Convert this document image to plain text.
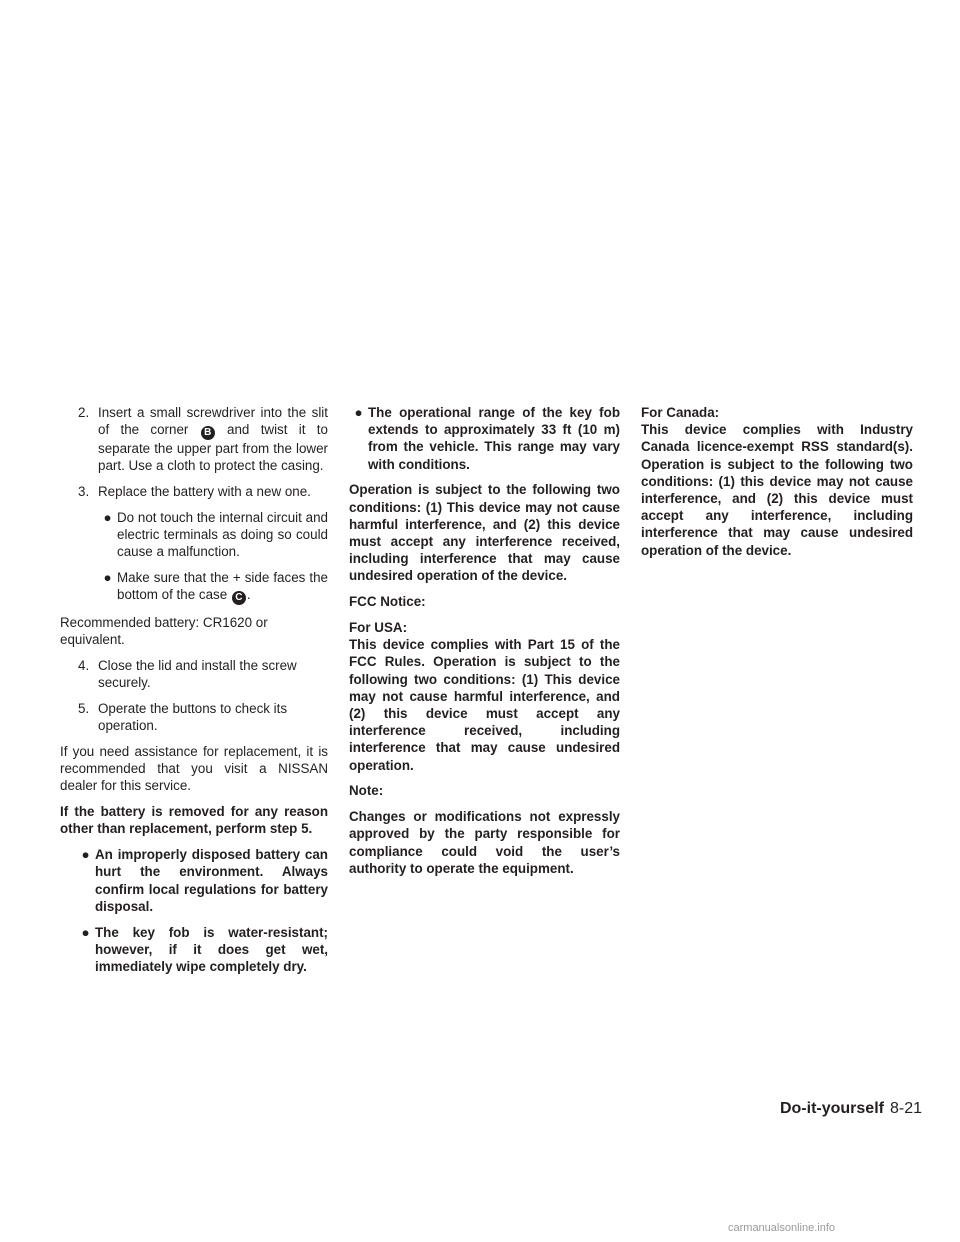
2. Insert a small screwdriver into the slit of the corner B and twist it to separate the upper part from the lower part. Use a cloth to protect the casing.
3. Replace the battery with a new one.
● Do not touch the internal circuit and electric terminals as doing so could cause a malfunction.
● Make sure that the + side faces the bottom of the case C .

Recommended battery: CR1620 or equivalent.

4. Close the lid and install the screw securely.
5. Operate the buttons to check its operation.

If you need assistance for replacement, it is recommended that you visit a NISSAN dealer for this service.

If the battery is removed for any reason other than replacement, perform step 5.

● An improperly disposed battery can hurt the environment. Always confirm local regulations for battery disposal.
● The key fob is water-resistant; however, if it does get wet, immediately wipe completely dry.
● The operational range of the key fob extends to approximately 33 ft (10 m) from the vehicle. This range may vary with conditions.

Operation is subject to the following two conditions: (1) This device may not cause harmful interference, and (2) this device must accept any interference received, including interference that may cause undesired operation of the device.

FCC Notice:

For USA:

This device complies with Part 15 of the FCC Rules. Operation is subject to the following two conditions: (1) This device may not cause harmful interference, and (2) this device must accept any interference received, including interference that may cause undesired operation.

Note:

Changes or modifications not expressly approved by the party responsible for compliance could void the user’s authority to operate the equipment.

For Canada:

This device complies with Industry Canada licence-exempt RSS standard(s). Operation is subject to the following two conditions: (1) this device may not cause interference, and (2) this device must accept any interference, including interference that may cause undesired operation of the device.

Do-it-yourself 8-21
carmanualsonline.info
